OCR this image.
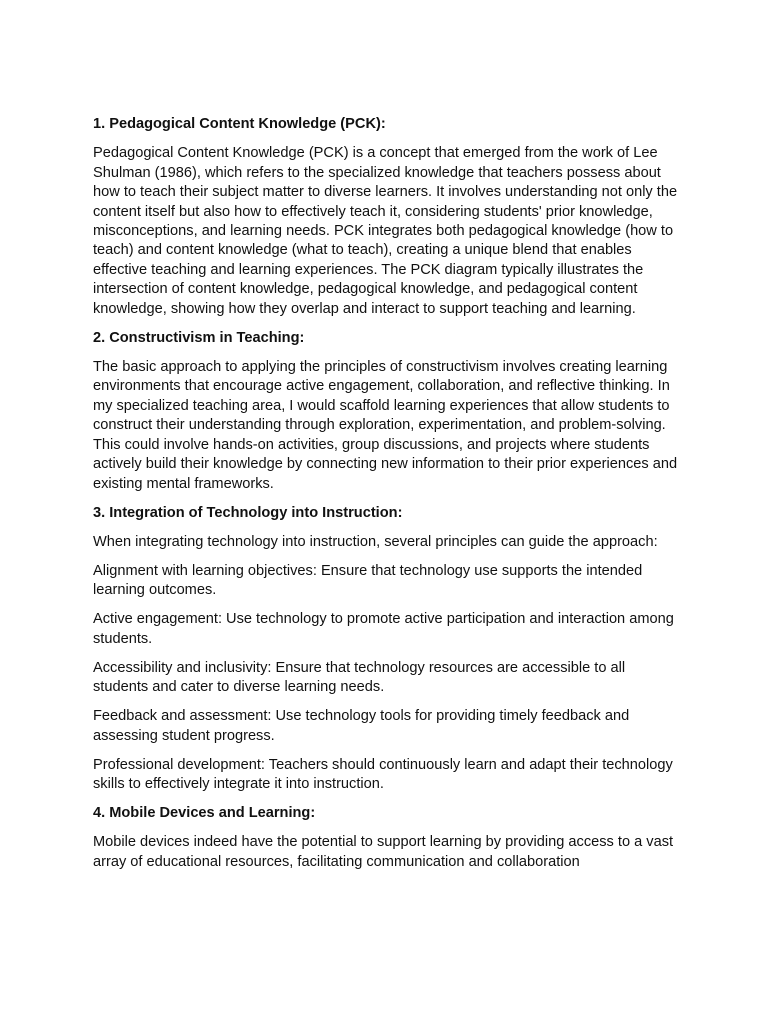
1. Pedagogical Content Knowledge (PCK):

Pedagogical Content Knowledge (PCK) is a concept that emerged from the work of Lee Shulman (1986), which refers to the specialized knowledge that teachers possess about how to teach their subject matter to diverse learners. It involves understanding not only the content itself but also how to effectively teach it, considering students' prior knowledge, misconceptions, and learning needs. PCK integrates both pedagogical knowledge (how to teach) and content knowledge (what to teach), creating a unique blend that enables effective teaching and learning experiences. The PCK diagram typically illustrates the intersection of content knowledge, pedagogical knowledge, and pedagogical content knowledge, showing how they overlap and interact to support teaching and learning.

2. Constructivism in Teaching:

The basic approach to applying the principles of constructivism involves creating learning environments that encourage active engagement, collaboration, and reflective thinking. In my specialized teaching area, I would scaffold learning experiences that allow students to construct their understanding through exploration, experimentation, and problem-solving. This could involve hands-on activities, group discussions, and projects where students actively build their knowledge by connecting new information to their prior experiences and existing mental frameworks.

3. Integration of Technology into Instruction:

When integrating technology into instruction, several principles can guide the approach:

Alignment with learning objectives: Ensure that technology use supports the intended learning outcomes.

Active engagement: Use technology to promote active participation and interaction among students.

Accessibility and inclusivity: Ensure that technology resources are accessible to all students and cater to diverse learning needs.

Feedback and assessment: Use technology tools for providing timely feedback and assessing student progress.

Professional development: Teachers should continuously learn and adapt their technology skills to effectively integrate it into instruction.

4. Mobile Devices and Learning:

Mobile devices indeed have the potential to support learning by providing access to a vast array of educational resources, facilitating communication and collaboration
